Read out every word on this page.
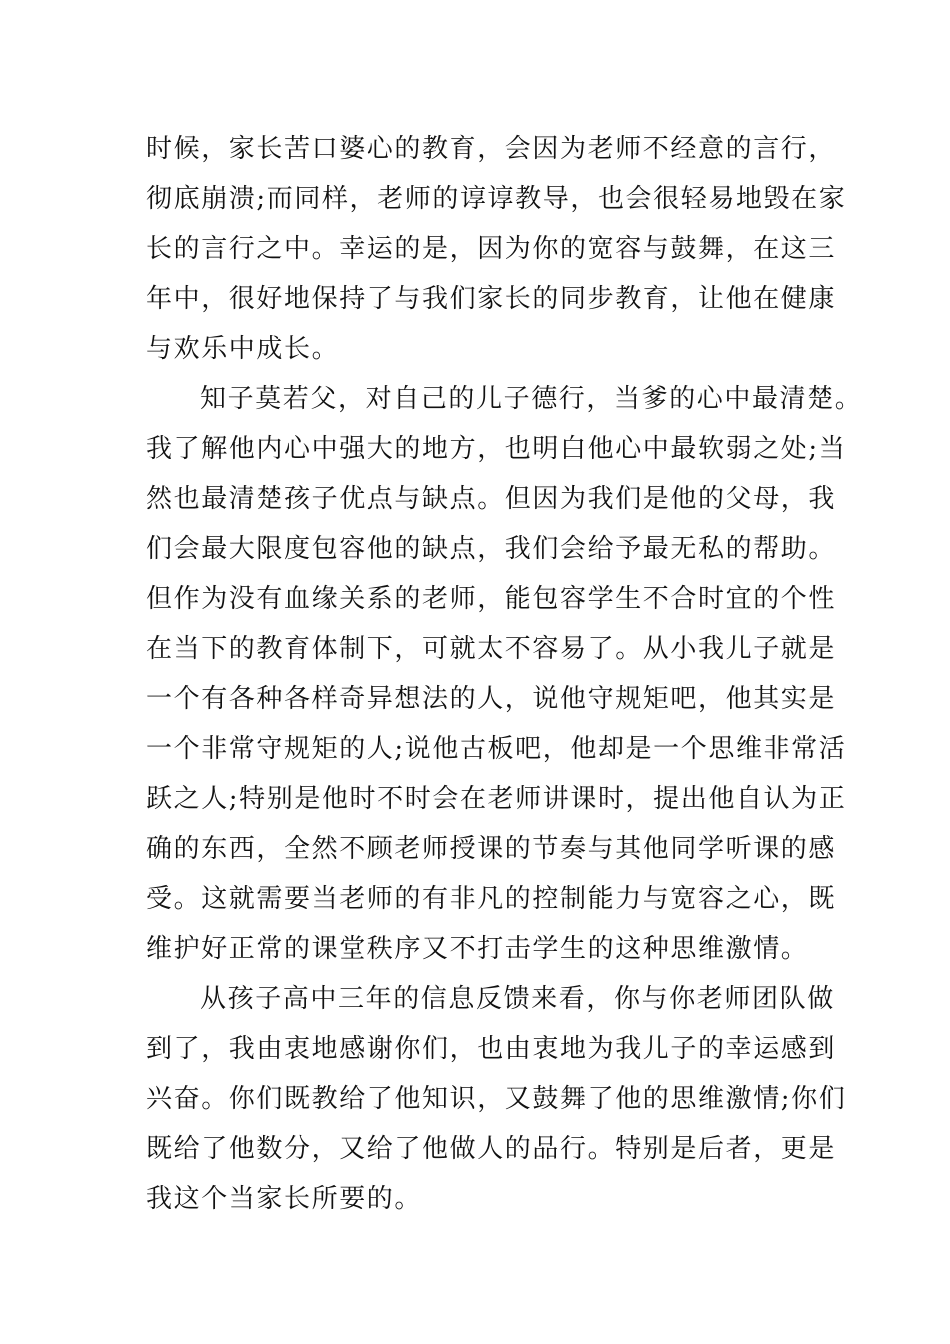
时候，家长苦口婆心的教育，会因为老师不经意的言行，
彻底崩溃;而同样，老师的谆谆教导，也会很轻易地毁在家
长的言行之中。幸运的是，因为你的宽容与鼓舞，在这三
年中，很好地保持了与我们家长的同步教育，让他在健康
与欢乐中成长。
知子莫若父，对自己的儿子德行，当爹的心中最清楚。
我了解他内心中强大的地方，也明白他心中最软弱之处;当
然也最清楚孩子优点与缺点。但因为我们是他的父母，我
们会最大限度包容他的缺点，我们会给予最无私的帮助。
但作为没有血缘关系的老师，能包容学生不合时宜的个性
在当下的教育体制下，可就太不容易了。从小我儿子就是
一个有各种各样奇异想法的人，说他守规矩吧，他其实是
一个非常守规矩的人;说他古板吧，他却是一个思维非常活
跃之人;特别是他时不时会在老师讲课时，提出他自认为正
确的东西，全然不顾老师授课的节奏与其他同学听课的感
受。这就需要当老师的有非凡的控制能力与宽容之心，既
维护好正常的课堂秩序又不打击学生的这种思维激情。
从孩子高中三年的信息反馈来看，你与你老师团队做
到了，我由衷地感谢你们，也由衷地为我儿子的幸运感到
兴奋。你们既教给了他知识，又鼓舞了他的思维激情;你们
既给了他数分，又给了他做人的品行。特别是后者，更是
我这个当家长所要的。
